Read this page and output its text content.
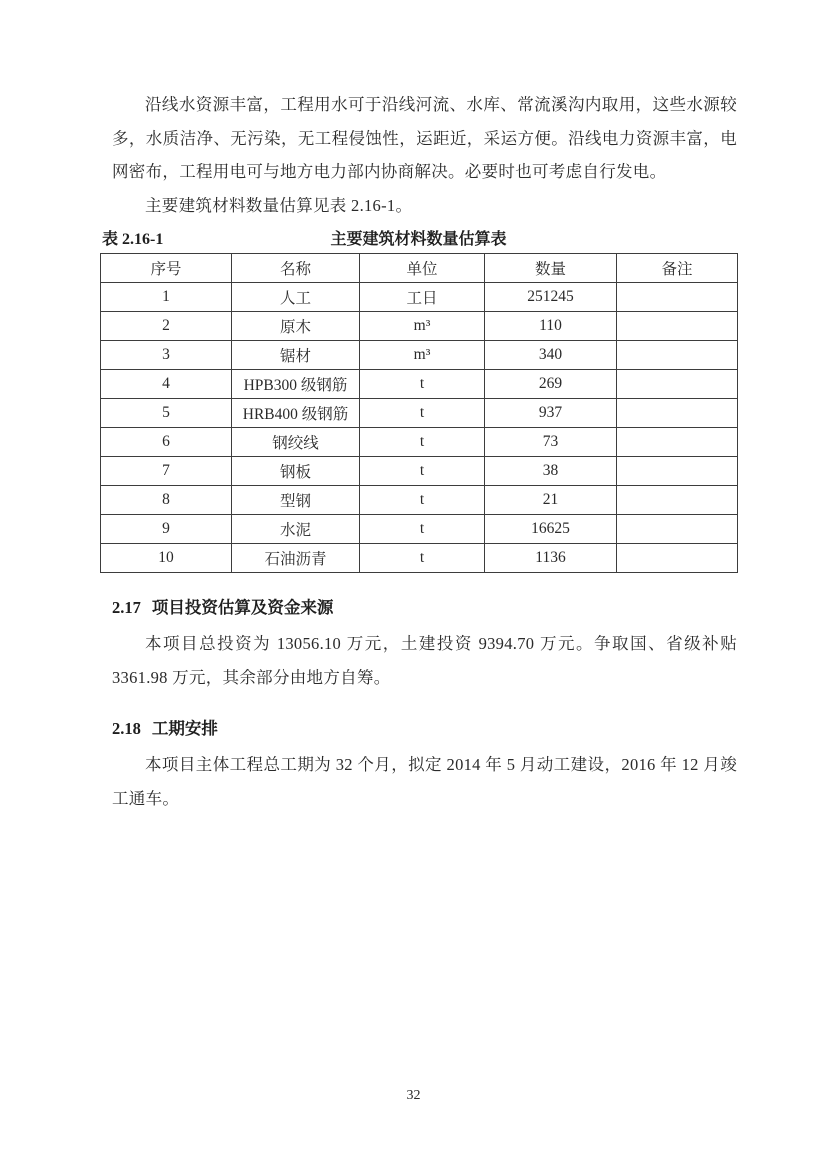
沿线水资源丰富，工程用水可于沿线河流、水库、常流溪沟内取用，这些水源较多，水质洁净、无污染，无工程侵蚀性，运距近，采运方便。沿线电力资源丰富，电网密布，工程用电可与地方电力部内协商解决。必要时也可考虑自行发电。

主要建筑材料数量估算见表 2.16-1。

表 2.16-1	主要建筑材料数量估算表
序号	名称	单位	数量	备注
1	人工	工日	251245	
2	原木	m³	110	
3	锯材	m³	340	
4	HPB300 级钢筋	t	269	
5	HRB400 级钢筋	t	937	
6	钢绞线	t	73	
7	钢板	t	38	
8	型钢	t	21	
9	水泥	t	16625	
10	石油沥青	t	1136	
2.17 项目投资估算及资金来源

本项目总投资为 13056.10 万元，土建投资 9394.70 万元。争取国、省级补贴 3361.98 万元，其余部分由地方自筹。

2.18 工期安排

本项目主体工程总工期为 32 个月，拟定 2014 年 5 月动工建设，2016 年 12 月竣工通车。

32
